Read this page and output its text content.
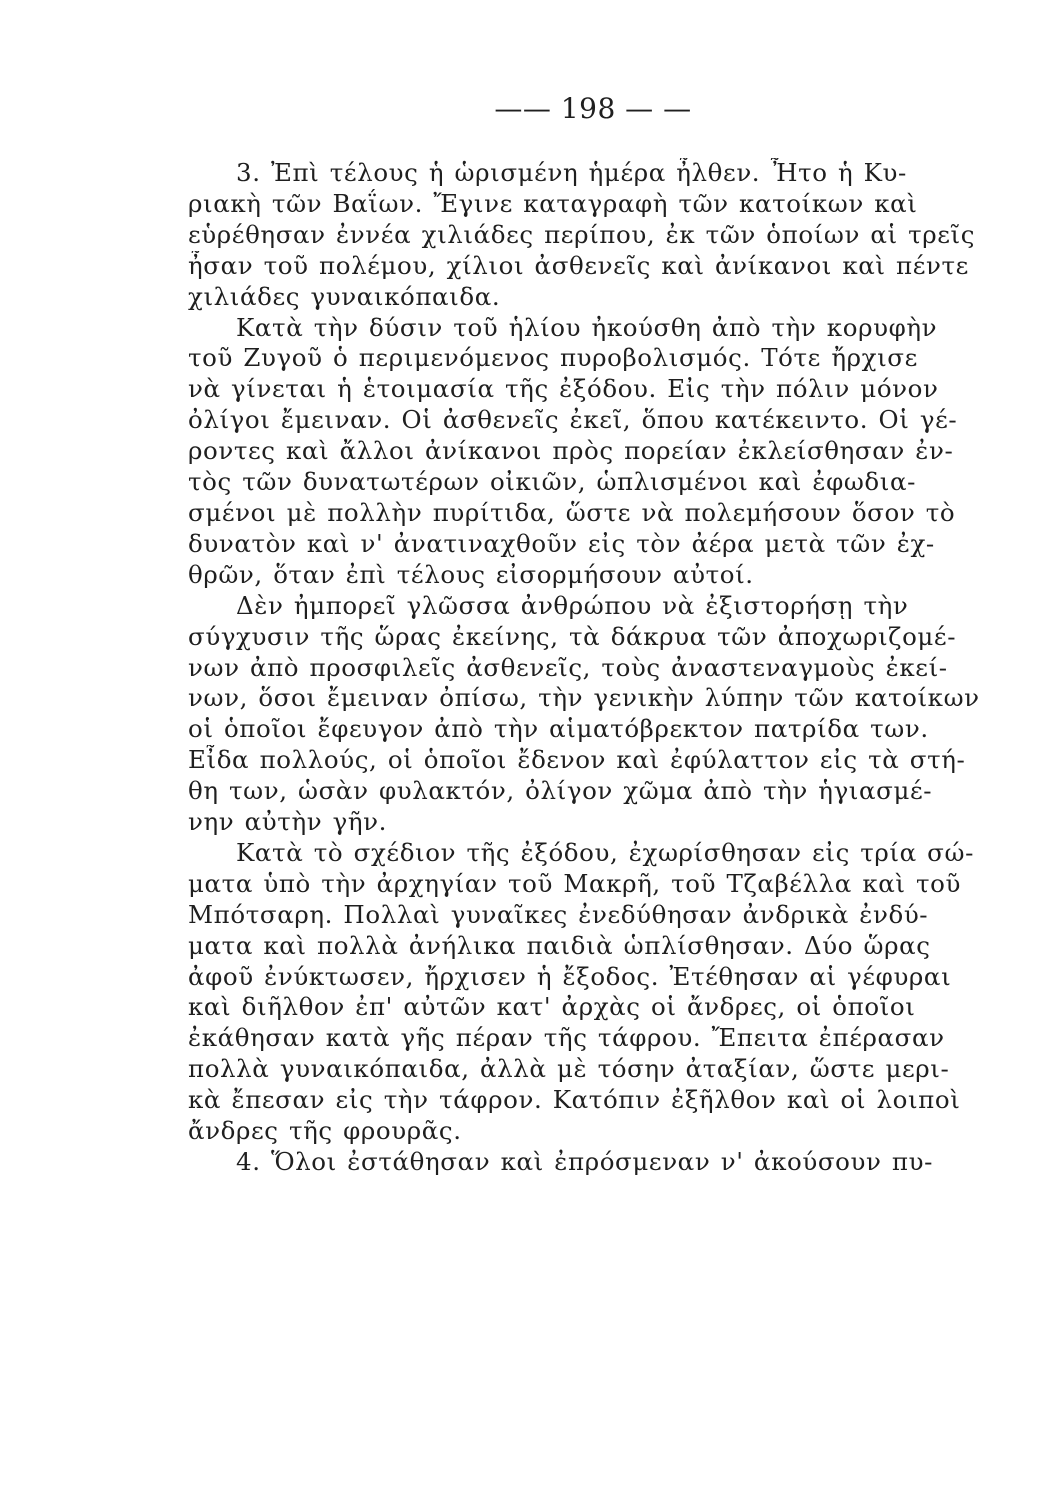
—— 198 — —
3. Ἐπὶ τέλους ἡ ὡρισμένη ἡμέρα ἦλθεν. Ἦτο ἡ Κυ-
ριακὴ τῶν Βαΐων. Ἔγινε καταγραφὴ τῶν κατοίκων καὶ
εὑρέθησαν ἐννέα χιλιάδες περίπου, ἐκ τῶν ὁποίων αἱ τρεῖς
ἦσαν τοῦ πολέμου, χίλιοι ἀσθενεῖς καὶ ἀνίκανοι καὶ πέντε
χιλιάδες γυναικόπαιδα.
Κατὰ τὴν δύσιν τοῦ ἡλίου ἠκούσθη ἀπὸ τὴν κορυφὴν
τοῦ Ζυγοῦ ὁ περιμενόμενος πυροβολισμός. Τότε ἤρχισε
νὰ γίνεται ἡ ἑτοιμασία τῆς ἐξόδου. Εἰς τὴν πόλιν μόνον
ὀλίγοι ἔμειναν. Οἱ ἀσθενεῖς ἐκεῖ, ὅπου κατέκειντο. Οἱ γέ-
ροντες καὶ ἄλλοι ἀνίκανοι πρὸς πορείαν ἐκλείσθησαν ἐν-
τὸς τῶν δυνατωτέρων οἰκιῶν, ὡπλισμένοι καὶ ἐφωδια-
σμένοι μὲ πολλὴν πυρίτιδα, ὥστε νὰ πολεμήσουν ὅσον τὸ
δυνατὸν καὶ ν' ἀνατιναχθοῦν εἰς τὸν ἀέρα μετὰ τῶν ἐχ-
θρῶν, ὅταν ἐπὶ τέλους εἰσορμήσουν αὐτοί.
Δὲν ἠμπορεῖ γλῶσσα ἀνθρώπου νὰ ἐξιστορήσῃ τὴν
σύγχυσιν τῆς ὥρας ἐκείνης, τὰ δάκρυα τῶν ἀποχωριζομέ-
νων ἀπὸ προσφιλεῖς ἀσθενεῖς, τοὺς ἀναστεναγμοὺς ἐκεί-
νων, ὅσοι ἔμειναν ὀπίσω, τὴν γενικὴν λύπην τῶν κατοίκων
οἱ ὁποῖοι ἔφευγον ἀπὸ τὴν αἱματόβρεκτον πατρίδα των.
Εἶδα πολλούς, οἱ ὁποῖοι ἔδενον καὶ ἐφύλαττον εἰς τὰ στή-
θη των, ὡσὰν φυλακτόν, ὀλίγον χῶμα ἀπὸ τὴν ἡγιασμέ-
νην αὐτὴν γῆν.
Κατὰ τὸ σχέδιον τῆς ἐξόδου, ἐχωρίσθησαν εἰς τρία σώ-
ματα ὑπὸ τὴν ἀρχηγίαν τοῦ Μακρῆ, τοῦ Τζαβέλλα καὶ τοῦ
Μπότσαρη. Πολλαὶ γυναῖκες ἐνεδύθησαν ἀνδρικὰ ἐνδύ-
ματα καὶ πολλὰ ἀνήλικα παιδιὰ ὡπλίσθησαν. Δύο ὥρας
ἀφοῦ ἐνύκτωσεν, ἤρχισεν ἡ ἔξοδος. Ἐτέθησαν αἱ γέφυραι
καὶ διῆλθον ἐπ' αὐτῶν κατ' ἀρχὰς οἱ ἄνδρες, οἱ ὁποῖοι
ἐκάθησαν κατὰ γῆς πέραν τῆς τάφρου. Ἔπειτα ἐπέρασαν
πολλὰ γυναικόπαιδα, ἀλλὰ μὲ τόσην ἀταξίαν, ὥστε μερι-
κὰ ἔπεσαν εἰς τὴν τάφρον. Κατόπιν ἐξῆλθον καὶ οἱ λοιποὶ
ἄνδρες τῆς φρουρᾶς.
4. Ὅλοι ἐστάθησαν καὶ ἐπρόσμεναν ν' ἀκούσουν πυ-
